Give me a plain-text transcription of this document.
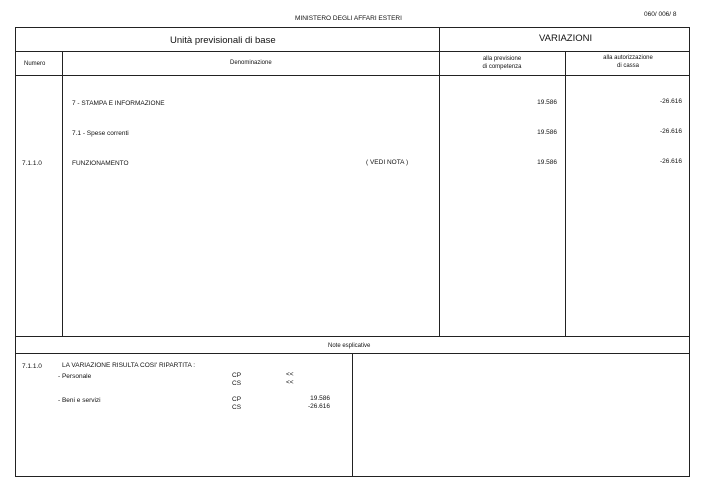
MINISTERO DEGLI AFFARI ESTERI
060/ 006/ 8
Unità previsionali di base	VARIAZIONI
Numero	Denominazione
alla previsione
di competenza
alla autorizzazione
di cassa
7 - STAMPA E INFORMAZIONE	19.586	-26.616
7.1 - Spese correnti	19.586	-26.616
7.1.1.0	FUNZIONAMENTO	( VEDI NOTA )	19.586	-26.616
Note esplicative
7.1.1.0	LA VARIAZIONE RISULTA COSI' RIPARTITA :
- Personale	CP	<<
CS	<<
- Beni e servizi	CP	19.586
CS	-26.616
